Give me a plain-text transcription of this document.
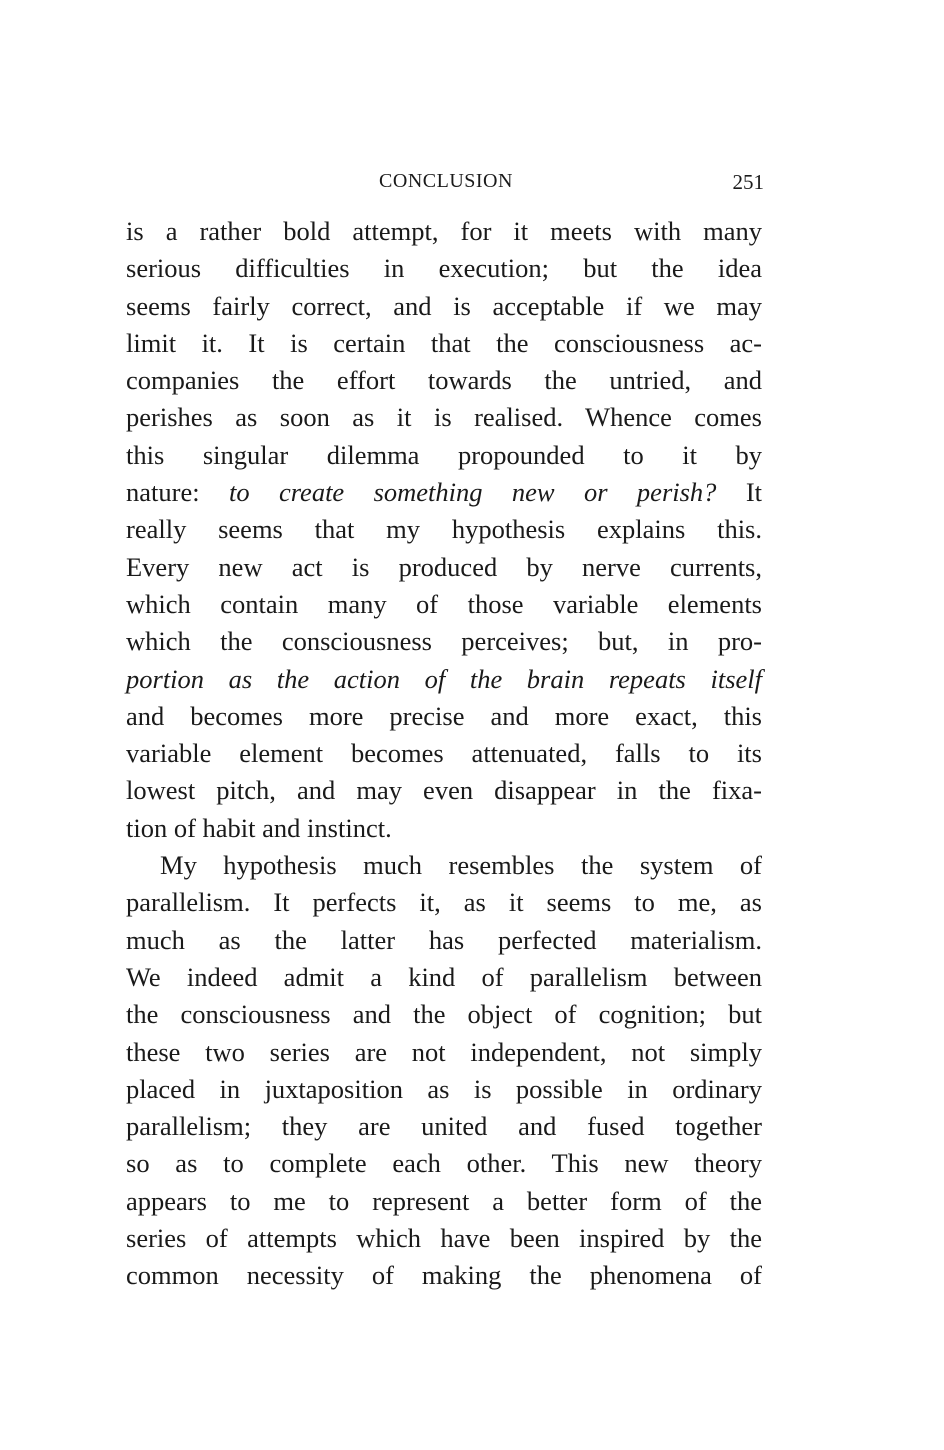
CONCLUSION	251
is a rather bold attempt, for it meets with many
serious difficulties in execution; but the idea
seems fairly correct, and is acceptable if we may
limit it. It is certain that the consciousness ac-
companies the effort towards the untried, and
perishes as soon as it is realised. Whence comes
this singular dilemma propounded to it by
nature: to create something new or perish? It
really seems that my hypothesis explains this.
Every new act is produced by nerve currents,
which contain many of those variable elements
which the consciousness perceives; but, in pro-
portion as the action of the brain repeats itself
and becomes more precise and more exact, this
variable element becomes attenuated, falls to its
lowest pitch, and may even disappear in the fixa-
tion of habit and instinct.
My hypothesis much resembles the system of
parallelism. It perfects it, as it seems to me, as
much as the latter has perfected materialism.
We indeed admit a kind of parallelism between
the consciousness and the object of cognition; but
these two series are not independent, not simply
placed in juxtaposition as is possible in ordinary
parallelism; they are united and fused together
so as to complete each other. This new theory
appears to me to represent a better form of the
series of attempts which have been inspired by the
common necessity of making the phenomena of
